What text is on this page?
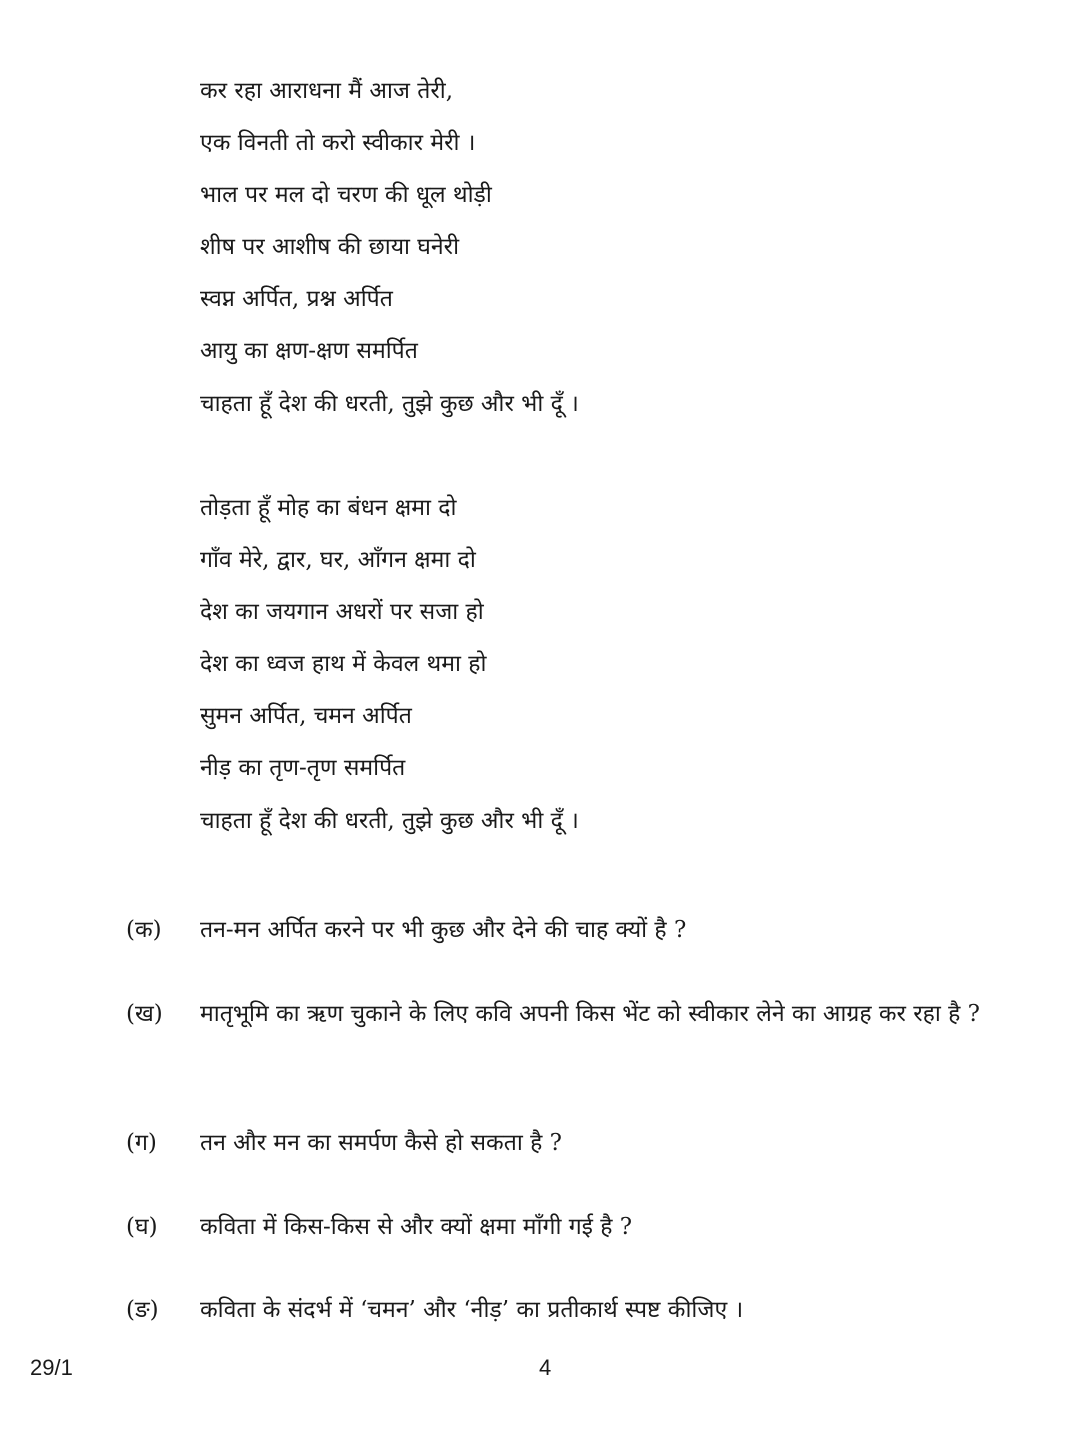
कर रहा आराधना मैं आज तेरी,
एक विनती तो करो स्वीकार मेरी ।
भाल पर मल दो चरण की धूल थोड़ी
शीष पर आशीष की छाया घनेरी
स्वप्न अर्पित, प्रश्न अर्पित
आयु का क्षण-क्षण समर्पित
चाहता हूँ देश की धरती, तुझे कुछ और भी दूँ ।
तोड़ता हूँ मोह का बंधन क्षमा दो
गाँव मेरे, द्वार, घर, आँगन क्षमा दो
देश का जयगान अधरों पर सजा हो
देश का ध्वज हाथ में केवल थमा हो
सुमन अर्पित, चमन अर्पित
नीड़ का तृण-तृण समर्पित
चाहता हूँ देश की धरती, तुझे कुछ और भी दूँ ।
(क) तन-मन अर्पित करने पर भी कुछ और देने की चाह क्यों है ?
(ख) मातृभूमि का ऋण चुकाने के लिए कवि अपनी किस भेंट को स्वीकार लेने का आग्रह कर रहा है ?
(ग) तन और मन का समर्पण कैसे हो सकता है ?
(घ) कविता में किस-किस से और क्यों क्षमा माँगी गई है ?
(ङ) कविता के संदर्भ में ‘चमन’ और ‘नीड़’ का प्रतीकार्थ स्पष्ट कीजिए ।
29/1	4
